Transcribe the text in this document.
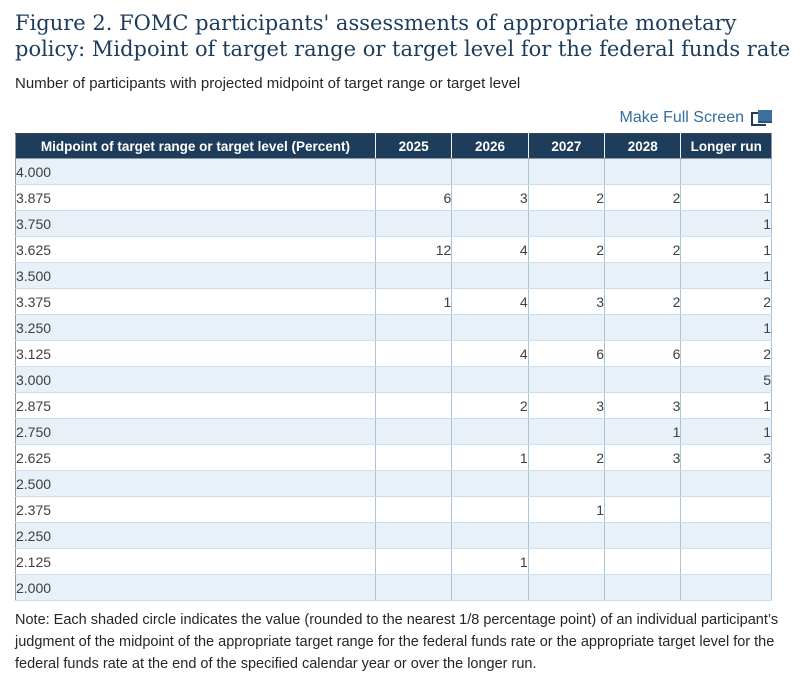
Figure 2. FOMC participants' assessments of appropriate monetary policy: Midpoint of target range or target level for the federal funds rate
Number of participants with projected midpoint of target range or target level
Make Full Screen
Midpoint of target range or target level (Percent)	2025	2026	2027	2028	Longer run
4.000					
3.875	6	3	2	2	1
3.750					1
3.625	12	4	2	2	1
3.500					1
3.375	1	4	3	2	2
3.250					1
3.125		4	6	6	2
3.000					5
2.875		2	3	3	1
2.750				1	1
2.625		1	2	3	3
2.500					
2.375			1		
2.250					
2.125		1			
2.000					

Note: Each shaded circle indicates the value (rounded to the nearest 1/8 percentage point) of an individual participant’s judgment of the midpoint of the appropriate target range for the federal funds rate or the appropriate target level for the federal funds rate at the end of the specified calendar year or over the longer run.
